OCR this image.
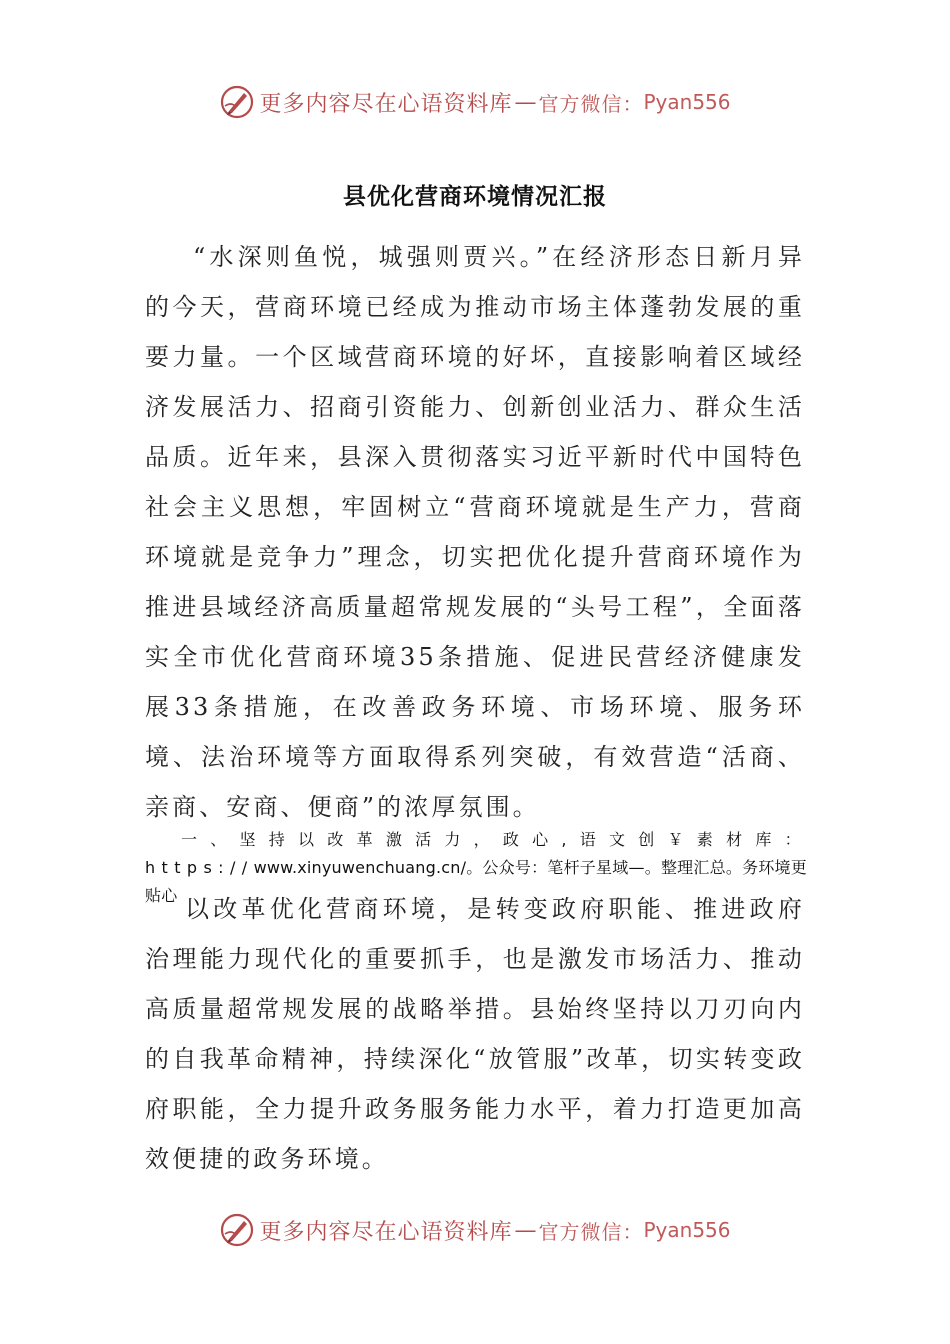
更多内容尽在心语资料库 — 官方微信： Pyan556
县优化营商环境情况汇报

“水深则鱼悦，城强则贾兴。”在经济形态日新月异的今天，营商环境已经成为推动市场主体蓬勃发展的重要力量。一个区域营商环境的好坏，直接影响着区域经济发展活力、招商引资能力、创新创业活力、群众生活品质。近年来，县深入贯彻落实习近平新时代中国特色社会主义思想，牢固树立“营商环境就是生产力，营商环境就是竞争力”理念，切实把优化提升营商环境作为推进县域经济高质量超常规发展的“头号工程”，全面落实全市优化营商环境35条措施、促进民营经济健康发展33条措施，在改善政务环境、市场环境、服务环境、法治环境等方面取得系列突破，有效营造“活商、亲商、安商、便商”的浓厚氛围。

一、坚持以改革激活力，政心,语文创￥素材库：https://www.xinyuwenchuang.cn/。公众号：笔杆子星域—。整理汇总。务环境更贴心 以改革优化营商环境，是转变政府职能、推进政府治理能力现代化的重要抓手，也是激发市场活力、推动高质量超常规发展的战略举措。县始终坚持以刀刃向内的自我革命精神，持续深化“放管服”改革，切实转变政府职能，全力提升政务服务能力水平，着力打造更加高效便捷的政务环境。

更多内容尽在心语资料库 — 官方微信： Pyan556
